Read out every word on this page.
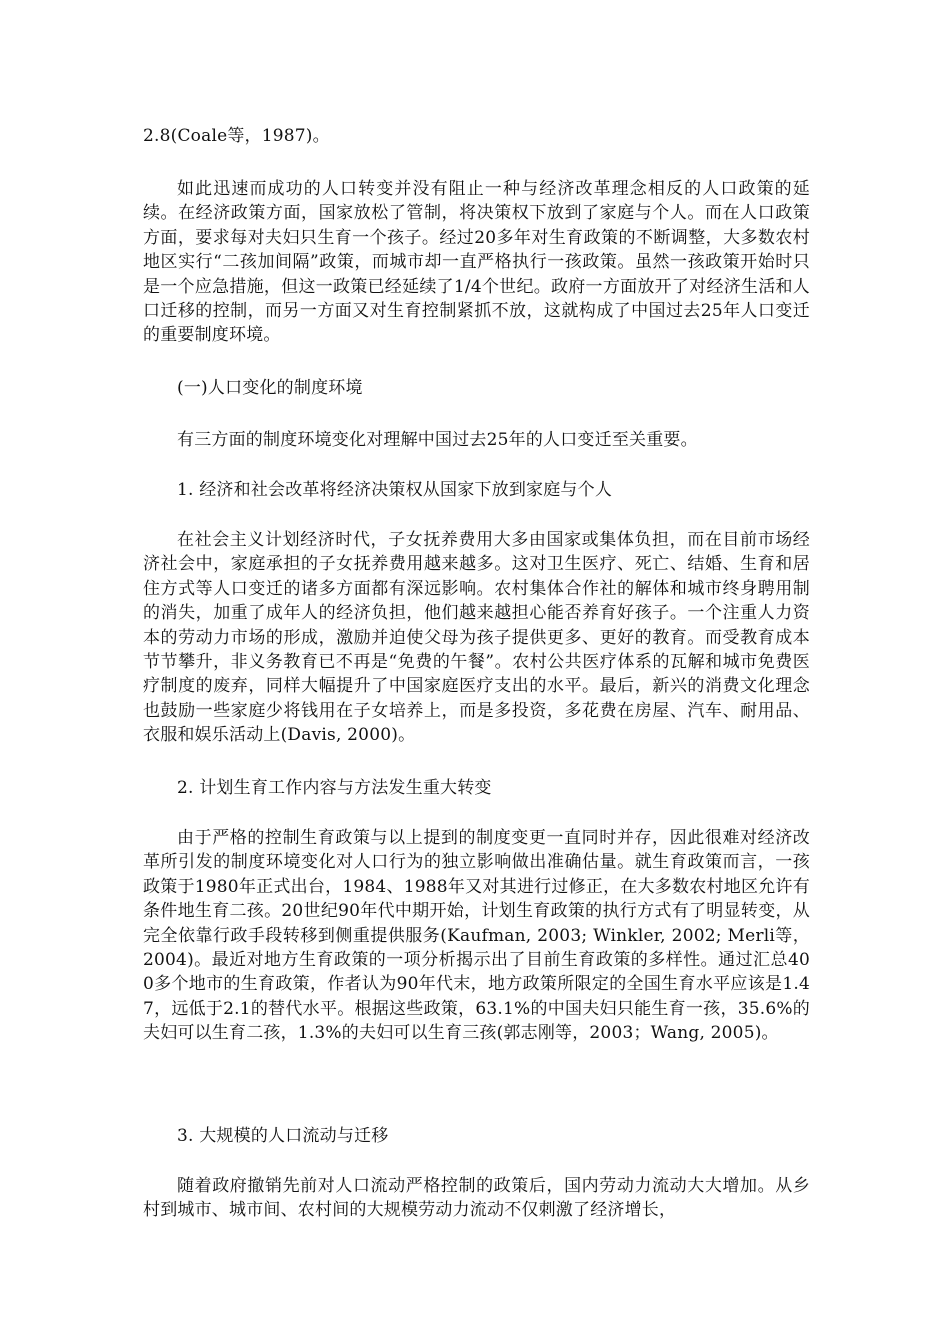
2.8(Coale等，1987)。

如此迅速而成功的人口转变并没有阻止一种与经济改革理念相反的人口政策的延续。在经济政策方面，国家放松了管制，将决策权下放到了家庭与个人。而在人口政策方面，要求每对夫妇只生育一个孩子。经过20多年对生育政策的不断调整，大多数农村地区实行“二孩加间隔”政策，而城市却一直严格执行一孩政策。虽然一孩政策开始时只是一个应急措施，但这一政策已经延续了1/4个世纪。政府一方面放开了对经济生活和人口迁移的控制，而另一方面又对生育控制紧抓不放，这就构成了中国过去25年人口变迁的重要制度环境。

(一)人口变化的制度环境

有三方面的制度环境变化对理解中国过去25年的人口变迁至关重要。

1. 经济和社会改革将经济决策权从国家下放到家庭与个人

在社会主义计划经济时代，子女抚养费用大多由国家或集体负担，而在目前市场经济社会中，家庭承担的子女抚养费用越来越多。这对卫生医疗、死亡、结婚、生育和居住方式等人口变迁的诸多方面都有深远影响。农村集体合作社的解体和城市终身聘用制的消失，加重了成年人的经济负担，他们越来越担心能否养育好孩子。一个注重人力资本的劳动力市场的形成，激励并迫使父母为孩子提供更多、更好的教育。而受教育成本节节攀升，非义务教育已不再是“免费的午餐”。农村公共医疗体系的瓦解和城市免费医疗制度的废弃，同样大幅提升了中国家庭医疗支出的水平。最后，新兴的消费文化理念也鼓励一些家庭少将钱用在子女培养上，而是多投资，多花费在房屋、汽车、耐用品、衣服和娱乐活动上(Davis, 2000)。

2. 计划生育工作内容与方法发生重大转变

由于严格的控制生育政策与以上提到的制度变更一直同时并存，因此很难对经济改革所引发的制度环境变化对人口行为的独立影响做出准确估量。就生育政策而言，一孩政策于1980年正式出台，1984、1988年又对其进行过修正，在大多数农村地区允许有条件地生育二孩。20世纪90年代中期开始，计划生育政策的执行方式有了明显转变，从完全依靠行政手段转移到侧重提供服务(Kaufman, 2003; Winkler, 2002; Merli等，2004)。最近对地方生育政策的一项分析揭示出了目前生育政策的多样性。通过汇总400多个地市的生育政策，作者认为90年代末，地方政策所限定的全国生育水平应该是1.47，远低于2.1的替代水平。根据这些政策，63.1%的中国夫妇只能生育一孩，35.6%的夫妇可以生育二孩，1.3%的夫妇可以生育三孩(郭志刚等，2003；Wang, 2005)。

3. 大规模的人口流动与迁移

随着政府撤销先前对人口流动严格控制的政策后，国内劳动力流动大大增加。从乡村到城市、城市间、农村间的大规模劳动力流动不仅刺激了经济增长，
